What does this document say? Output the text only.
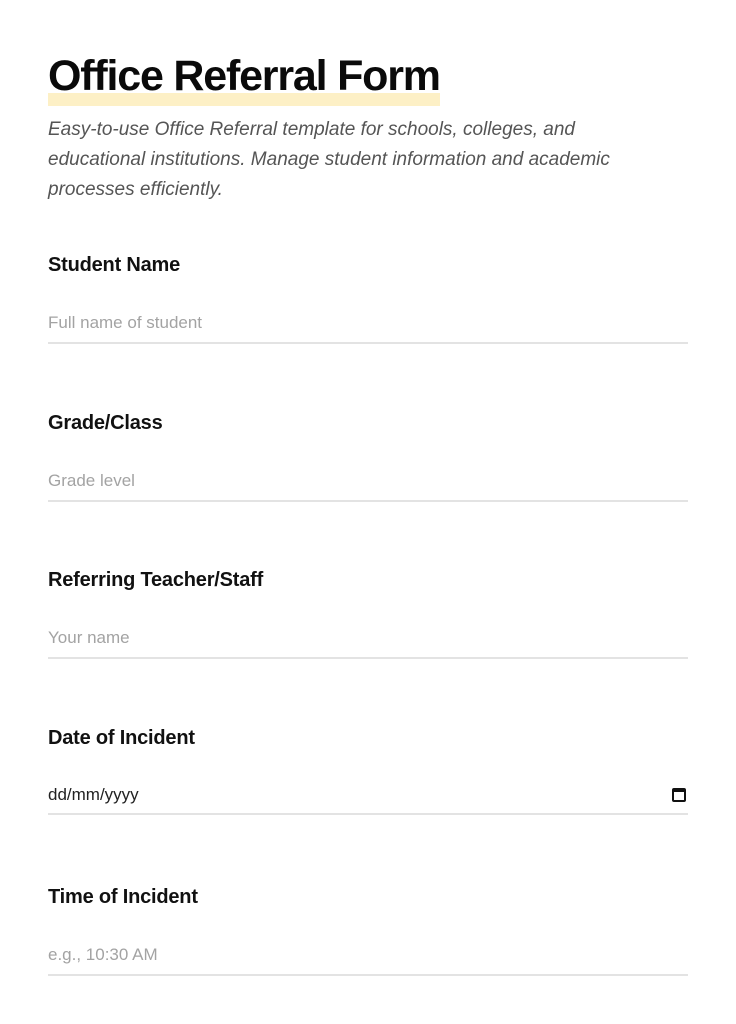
Office Referral Form

Easy-to-use Office Referral template for schools, colleges, and educational institutions. Manage student information and academic processes efficiently.

Student Name
Full name of student
Grade/Class
Grade level
Referring Teacher/Staff
Your name
Date of Incident
dd/mm/yyyy
Time of Incident
e.g., 10:30 AM
